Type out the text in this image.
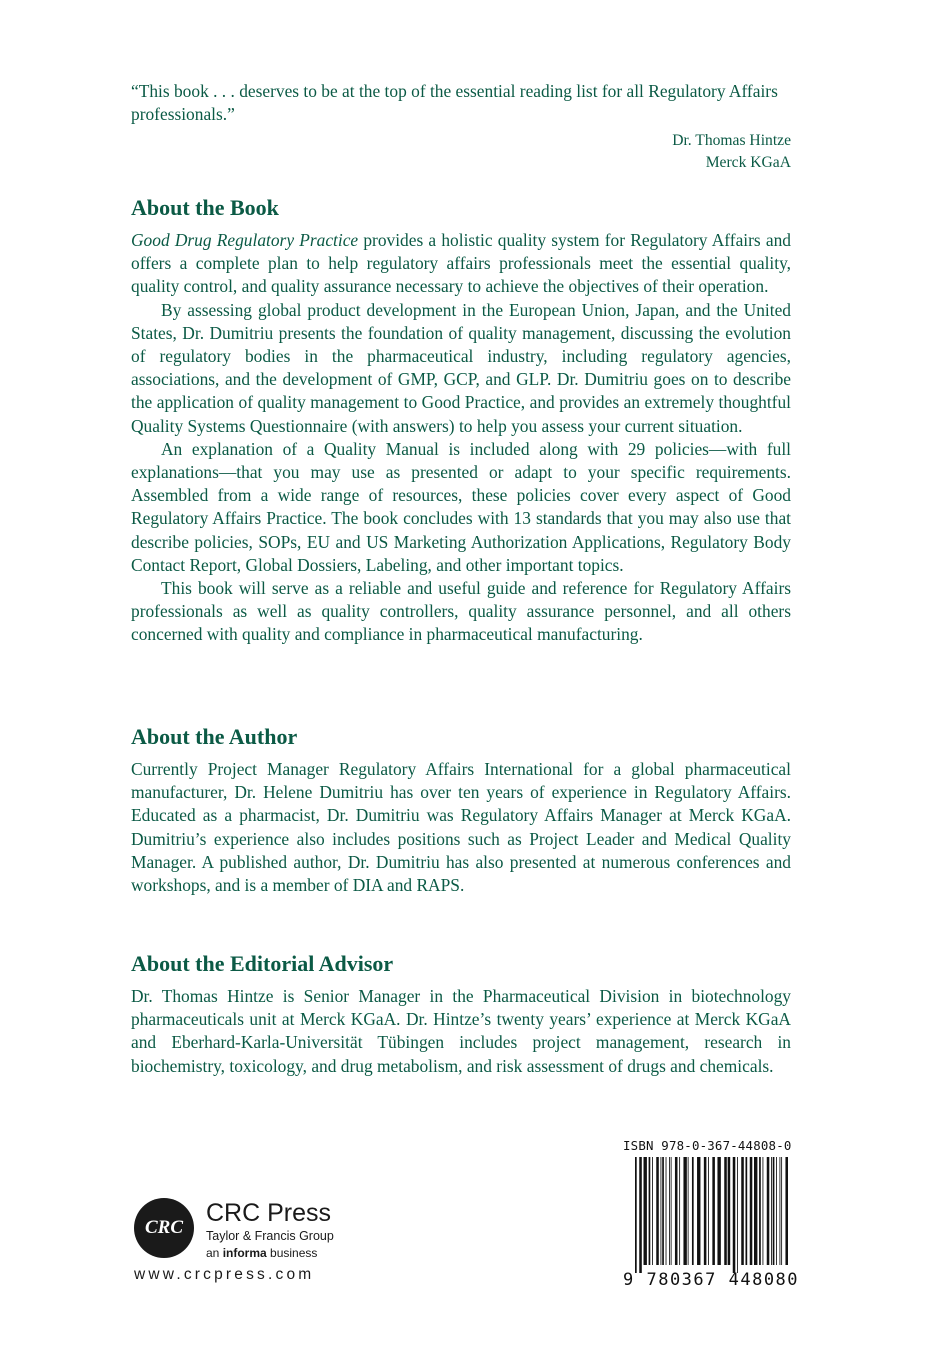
“This book . . . deserves to be at the top of the essential reading list for all Regulatory Affairs professionals.”

Dr. Thomas Hintze
Merck KGaA
About the Book

Good Drug Regulatory Practice provides a holistic quality system for Regulatory Affairs and offers a complete plan to help regulatory affairs professionals meet the essential quality, quality control, and quality assurance necessary to achieve the objectives of their operation.

By assessing global product development in the European Union, Japan, and the United States, Dr. Dumitriu presents the foundation of quality management, discussing the evolution of regulatory bodies in the pharmaceutical industry, including regulatory agencies, associations, and the development of GMP, GCP, and GLP. Dr. Dumitriu goes on to describe the application of quality management to Good Practice, and provides an extremely thoughtful Quality Systems Questionnaire (with answers) to help you assess your current situation.

An explanation of a Quality Manual is included along with 29 policies—with full explanations—that you may use as presented or adapt to your specific requirements. Assembled from a wide range of resources, these policies cover every aspect of Good Regulatory Affairs Practice. The book concludes with 13 standards that you may also use that describe policies, SOPs, EU and US Marketing Authorization Applications, Regulatory Body Contact Report, Global Dossiers, Labeling, and other important topics.

This book will serve as a reliable and useful guide and reference for Regulatory Affairs professionals as well as quality controllers, quality assurance personnel, and all others concerned with quality and compliance in pharmaceutical manufacturing.

About the Author

Currently Project Manager Regulatory Affairs International for a global pharmaceutical manufacturer, Dr. Helene Dumitriu has over ten years of experience in Regulatory Affairs. Educated as a pharmacist, Dr. Dumitriu was Regulatory Affairs Manager at Merck KGaA. Dumitriu’s experience also includes positions such as Project Leader and Medical Quality Manager. A published author, Dr. Dumitriu has also presented at numerous conferences and workshops, and is a member of DIA and RAPS.

About the Editorial Advisor

Dr. Thomas Hintze is Senior Manager in the Pharmaceutical Division in biotechnology pharmaceuticals unit at Merck KGaA. Dr. Hintze’s twenty years’ experience at Merck KGaA and Eberhard-Karla-Universität Tübingen includes project management, research in biochemistry, toxicology, and drug metabolism, and risk assessment of drugs and chemicals.

CRC
CRC Press
Taylor & Francis Group
an informa business
www.crcpress.com
ISBN 978-0-367-44808-0
9 780367 448080
